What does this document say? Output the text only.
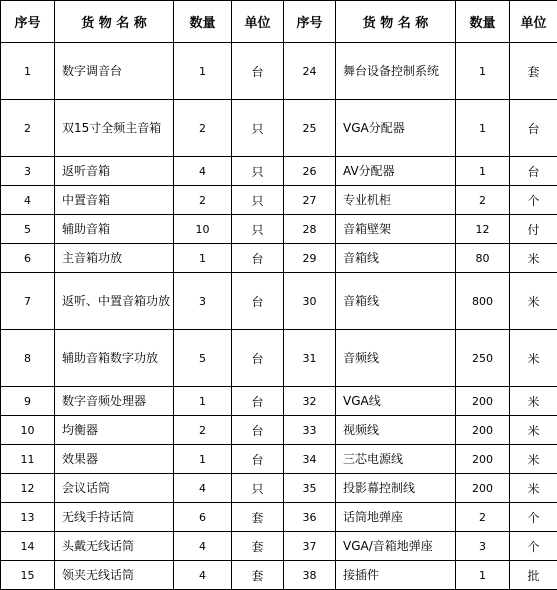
序号	货 物 名 称	数量	单位	序号	货 物 名 称	数量	单位
1	数字调音台	1	台	24	舞台设备控制系统	1	套
2	双15寸全频主音箱	2	只	25	VGA分配器	1	台
3	返听音箱	4	只	26	AV分配器	1	台
4	中置音箱	2	只	27	专业机柜	2	个
5	辅助音箱	10	只	28	音箱壁架	12	付
6	主音箱功放	1	台	29	音箱线	80	米
7	返听、中置音箱功放	3	台	30	音箱线	800	米
8	辅助音箱数字功放	5	台	31	音频线	250	米
9	数字音频处理器	1	台	32	VGA线	200	米
10	均衡器	2	台	33	视频线	200	米
11	效果器	1	台	34	三芯电源线	200	米
12	会议话筒	4	只	35	投影幕控制线	200	米
13	无线手持话筒	6	套	36	话筒地弹座	2	个
14	头戴无线话筒	4	套	37	VGA/音箱地弹座	3	个
15	领夹无线话筒	4	套	38	接插件	1	批
